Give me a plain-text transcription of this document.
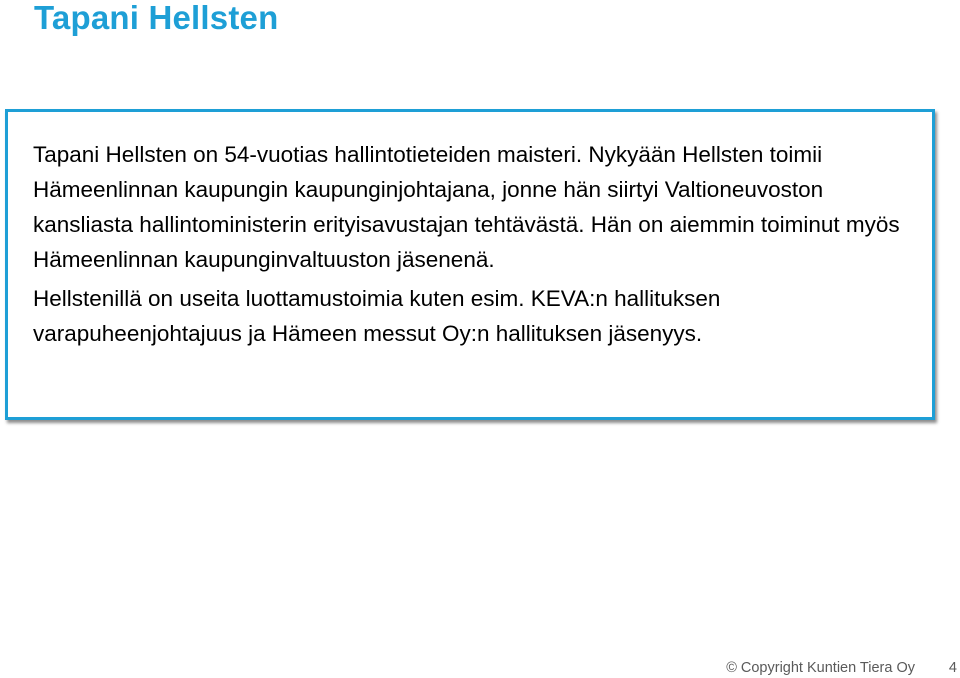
Tapani Hellsten

Tapani Hellsten on 54-vuotias hallintotieteiden maisteri. Nykyään Hellsten toimii Hämeenlinnan kaupungin kaupunginjohtajana, jonne hän siirtyi Valtioneuvoston kansliasta hallintoministerin erityisavustajan tehtävästä. Hän on aiemmin toiminut myös Hämeenlinnan kaupunginvaltuuston jäsenenä.

Hellstenillä on useita luottamustoimia kuten esim. KEVA:n hallituksen varapuheenjohtajuus ja Hämeen messut Oy:n hallituksen jäsenyys.

© Copyright Kuntien Tiera Oy 4
